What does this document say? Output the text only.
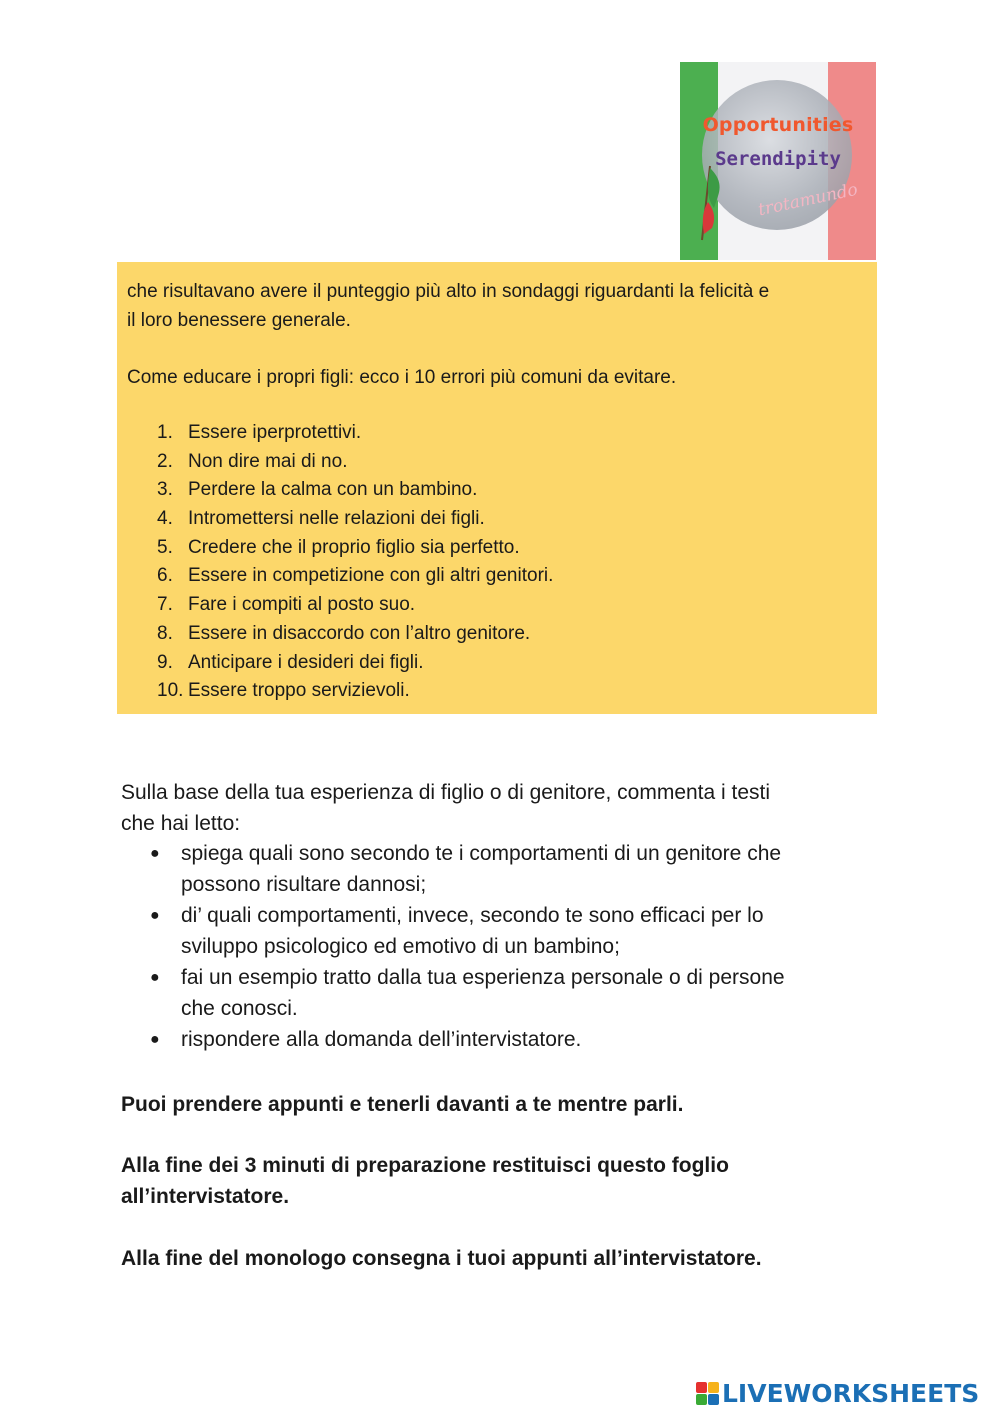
Opportunities
Serendipity
trotamundo
che risultavano avere il punteggio più alto in sondaggi riguardanti la felicità e
il loro benessere generale.
Come educare i propri figli: ecco i 10 errori più comuni da evitare.
1. Essere iperprotettivi.
2. Non dire mai di no.
3. Perdere la calma con un bambino.
4. Intromettersi nelle relazioni dei figli.
5. Credere che il proprio figlio sia perfetto.
6. Essere in competizione con gli altri genitori.
7. Fare i compiti al posto suo.
8. Essere in disaccordo con l’altro genitore.
9. Anticipare i desideri dei figli.
10. Essere troppo servizievoli.
Sulla base della tua esperienza di figlio o di genitore, commenta i testi
che hai letto:
● spiega quali sono secondo te i comportamenti di un genitore che
possono risultare dannosi;
● di’ quali comportamenti, invece, secondo te sono efficaci per lo
sviluppo psicologico ed emotivo di un bambino;
● fai un esempio tratto dalla tua esperienza personale o di persone
che conosci.
● rispondere alla domanda dell’intervistatore.
Puoi prendere appunti e tenerli davanti a te mentre parli.
Alla fine dei 3 minuti di preparazione restituisci questo foglio
all’intervistatore.
Alla fine del monologo consegna i tuoi appunti all’intervistatore.
LIVEWORKSHEETS
